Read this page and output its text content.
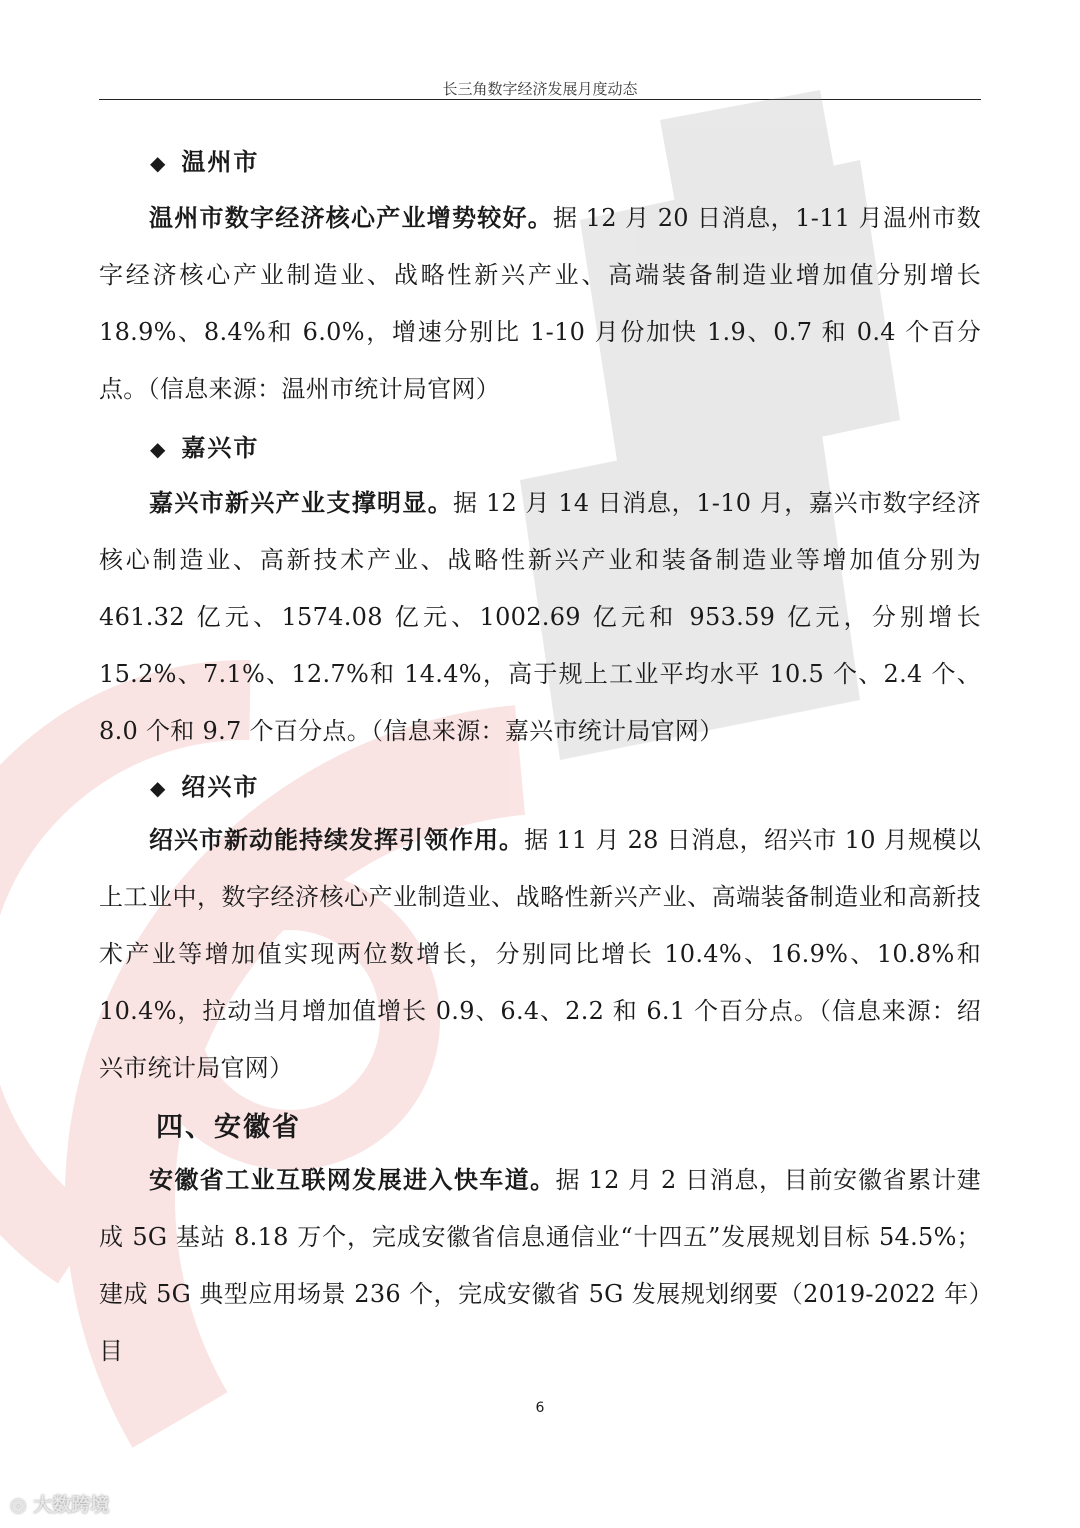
长三角数字经济发展月度动态
◆ 温州市
温州市数字经济核心产业增势较好。据 12 月 20 日消息，1-11 月温州市数字经济核心产业制造业、战略性新兴产业、高端装备制造业增加值分别增长 18.9%、8.4%和 6.0%，增速分别比 1-10 月份加快 1.9、0.7 和 0.4 个百分点。（信息来源：温州市统计局官网）
◆ 嘉兴市
嘉兴市新兴产业支撑明显。据 12 月 14 日消息，1-10 月，嘉兴市数字经济核心制造业、高新技术产业、战略性新兴产业和装备制造业等增加值分别为 461.32 亿元、1574.08 亿元、1002.69 亿元和 953.59 亿元，分别增长 15.2%、7.1%、12.7%和 14.4%，高于规上工业平均水平 10.5 个、2.4 个、8.0 个和 9.7 个百分点。（信息来源：嘉兴市统计局官网）
◆ 绍兴市
绍兴市新动能持续发挥引领作用。据 11 月 28 日消息，绍兴市 10 月规模以上工业中，数字经济核心产业制造业、战略性新兴产业、高端装备制造业和高新技术产业等增加值实现两位数增长，分别同比增长 10.4%、16.9%、10.8%和 10.4%，拉动当月增加值增长 0.9、6.4、2.2 和 6.1 个百分点。（信息来源：绍兴市统计局官网）
四、安徽省
安徽省工业互联网发展进入快车道。据 12 月 2 日消息，目前安徽省累计建成 5G 基站 8.18 万个，完成安徽省信息通信业“十四五”发展规划目标 54.5%；建成 5G 典型应用场景 236 个，完成安徽省 5G 发展规划纲要（2019-2022 年）目
6
◎ 大数跨境
